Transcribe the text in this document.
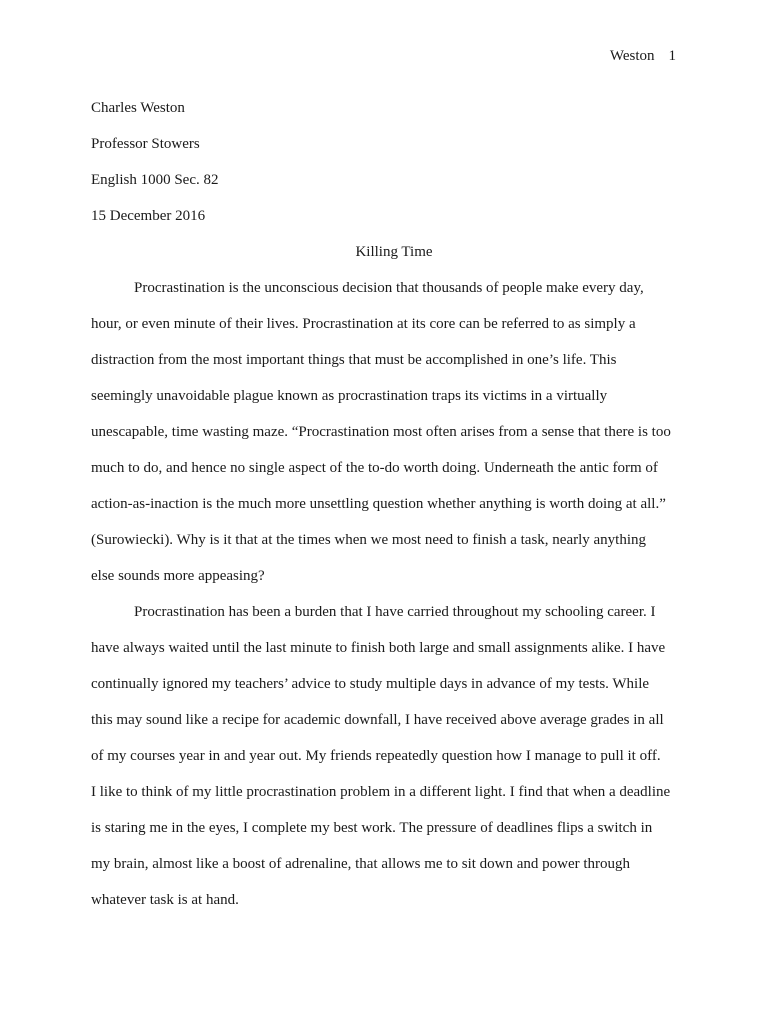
Weston 1
Charles Weston
Professor Stowers
English 1000 Sec. 82
15 December 2016
Killing Time
Procrastination is the unconscious decision that thousands of people make every day,
hour, or even minute of their lives. Procrastination at its core can be referred to as simply a
distraction from the most important things that must be accomplished in one’s life. This
seemingly unavoidable plague known as procrastination traps its victims in a virtually
unescapable, time wasting maze. “Procrastination most often arises from a sense that there is too
much to do, and hence no single aspect of the to-do worth doing. Underneath the antic form of
action-as-inaction is the much more unsettling question whether anything is worth doing at all.”
(Surowiecki). Why is it that at the times when we most need to finish a task, nearly anything
else sounds more appeasing?
Procrastination has been a burden that I have carried throughout my schooling career. I
have always waited until the last minute to finish both large and small assignments alike. I have
continually ignored my teachers’ advice to study multiple days in advance of my tests. While
this may sound like a recipe for academic downfall, I have received above average grades in all
of my courses year in and year out. My friends repeatedly question how I manage to pull it off.
I like to think of my little procrastination problem in a different light. I find that when a deadline
is staring me in the eyes, I complete my best work. The pressure of deadlines flips a switch in
my brain, almost like a boost of adrenaline, that allows me to sit down and power through
whatever task is at hand.
